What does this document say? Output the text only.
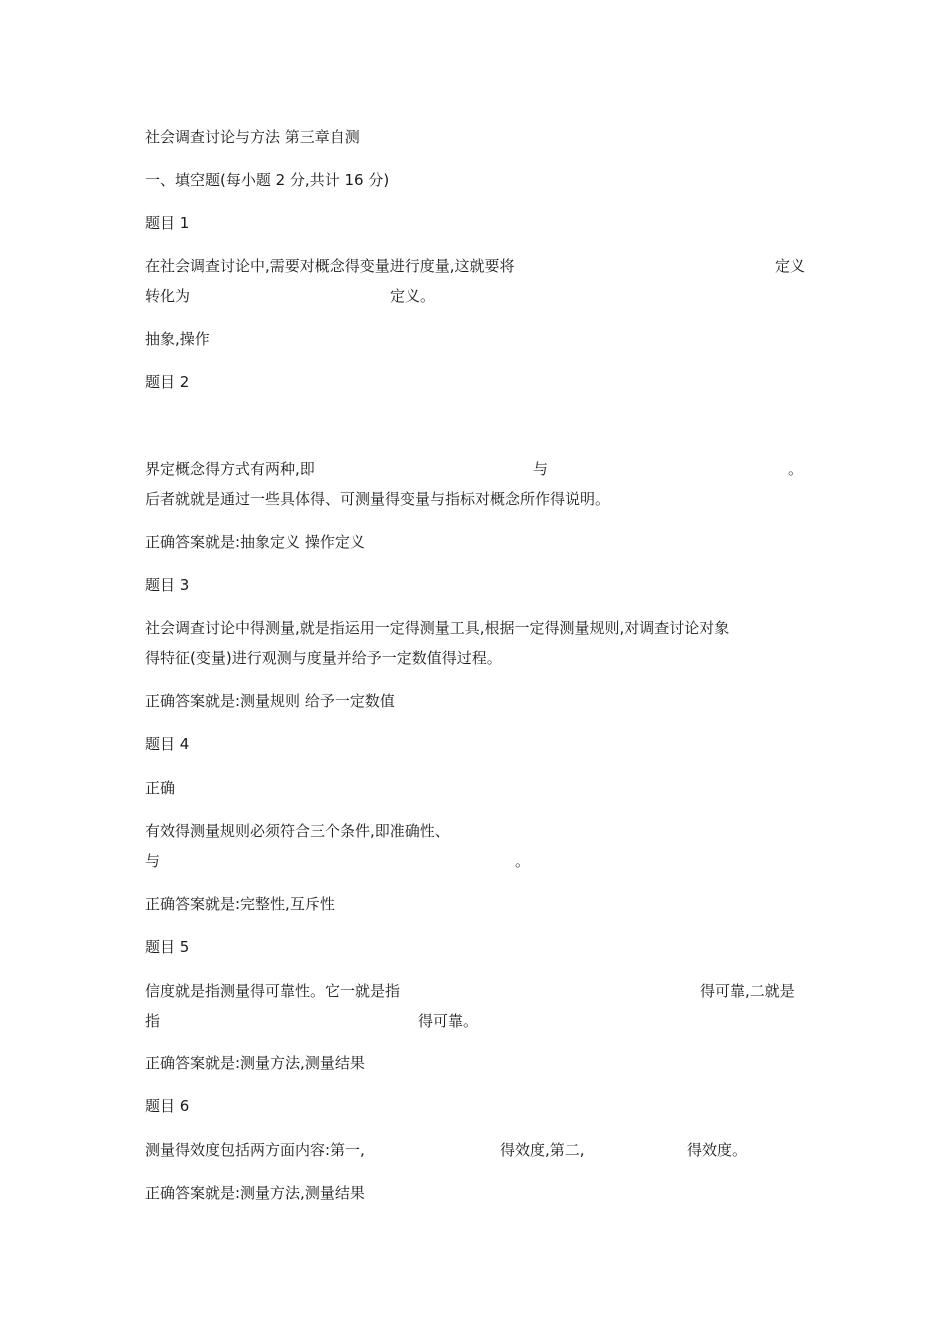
社会调查讨论与方法 第三章自测
一、填空题(每小题 2 分,共计 16 分)
题目 1
在社会调查讨论中,需要对概念得变量进行度量,这就要将	定义
转化为	定义。
抽象,操作
题目 2
界定概念得方式有两种,即	与	。
后者就就是通过一些具体得、可测量得变量与指标对概念所作得说明。
正确答案就是:抽象定义 操作定义
题目 3
社会调查讨论中得测量,就是指运用一定得测量工具,根据一定得测量规则,对调查讨论对象
得特征(变量)进行观测与度量并给予一定数值得过程。
正确答案就是:测量规则 给予一定数值
题目 4
正确
有效得测量规则必须符合三个条件,即准确性、
与	。
正确答案就是:完整性,互斥性
题目 5
信度就是指测量得可靠性。它一就是指	得可靠,二就是
指	得可靠。
正确答案就是:测量方法,测量结果
题目 6
测量得效度包括两方面内容:第一,	得效度,第二,	得效度。
正确答案就是:测量方法,测量结果
